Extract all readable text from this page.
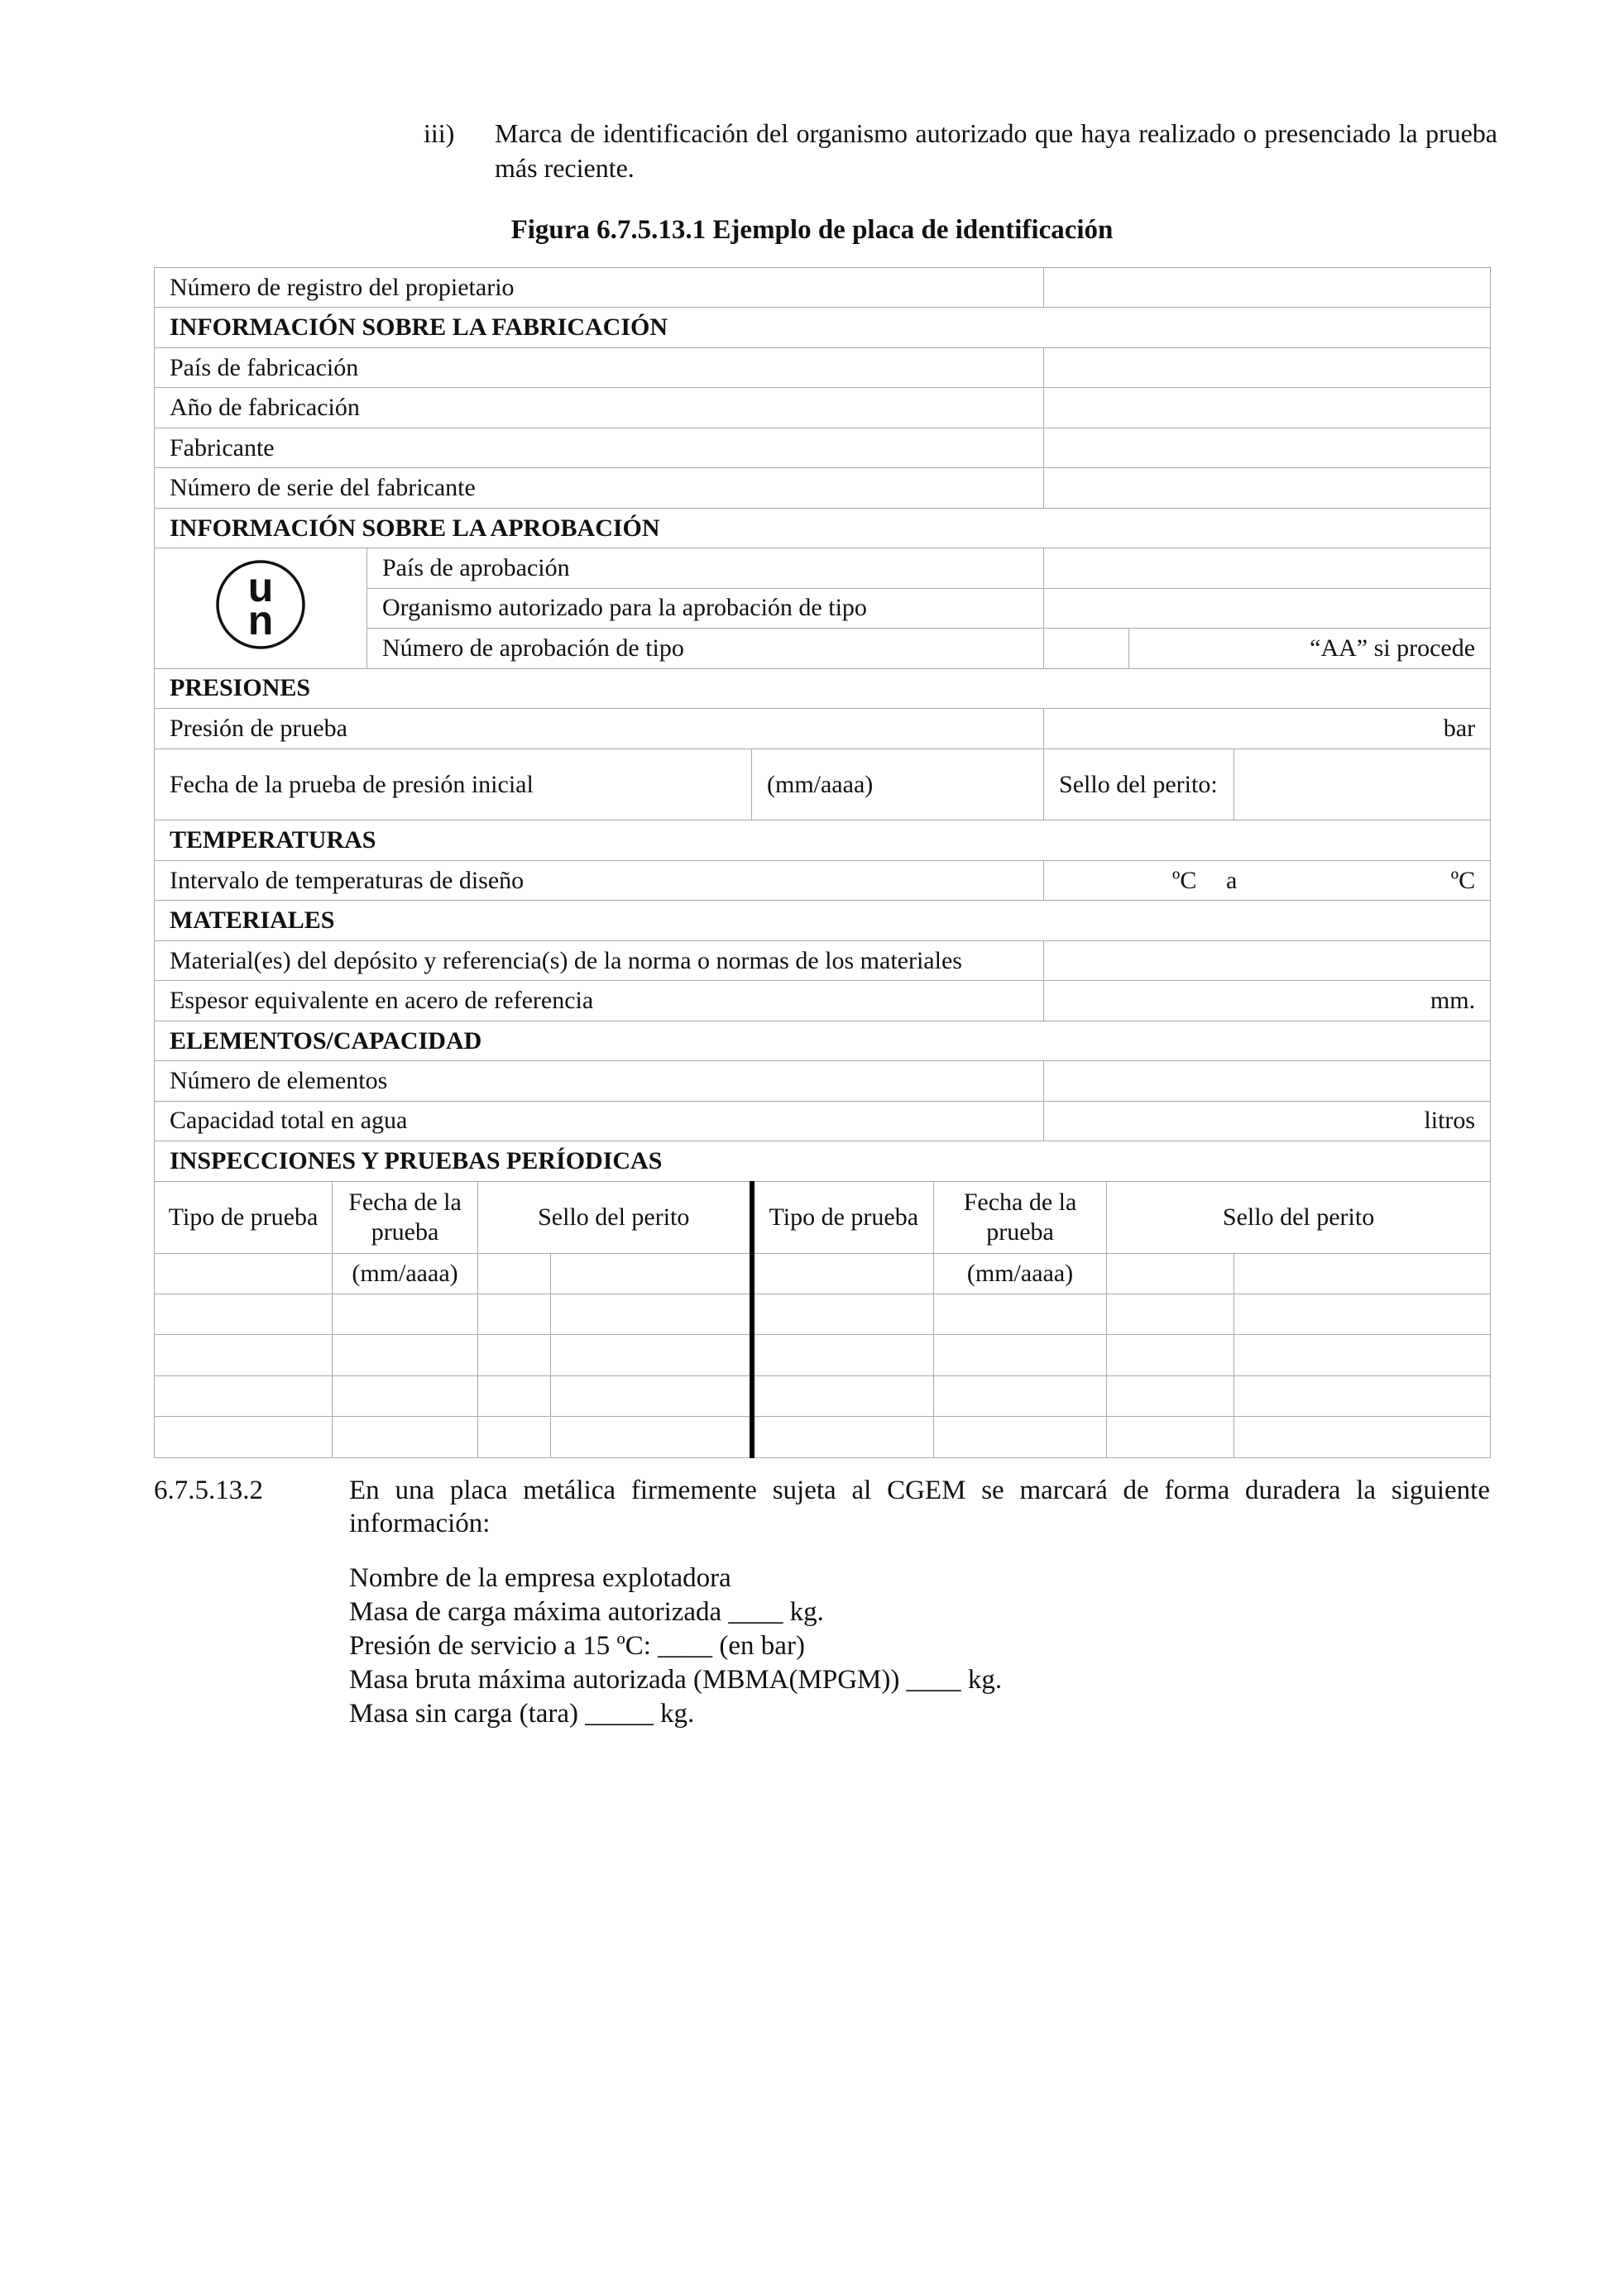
iii) Marca de identificación del organismo autorizado que haya realizado o presenciado la prueba más reciente.
Figura 6.7.5.13.1 Ejemplo de placa de identificación
Número de registro del propietario									
INFORMACIÓN SOBRE LA FABRICACIÓN									
País de fabricación									
Año de fabricación									
Fabricante									
Número de serie del fabricante									
INFORMACIÓN SOBRE LA APROBACIÓN									

u
n		País de aprobación							
		Organismo autorizado para la aprobación de tipo							
		Número de aprobación de tipo						“AA” si procede	
PRESIONES									
Presión de prueba						bar			
Fecha de la prueba de presión inicial				(mm/aaaa)		Sello del perito:			
TEMPERATURAS									
Intervalo de temperaturas de diseño						ºC a ºC			

MATERIALES									
Material(es) del depósito y referencia(s) de la norma o normas de los materiales									
Espesor equivalente en acero de referencia						mm.			
ELEMENTOS/CAPACIDAD									
Número de elementos									
Capacidad total en agua						litros			
INSPECCIONES Y PRUEBAS PERÍODICAS									
Tipo de prueba	Fecha de la prueba		Sello del perito	Tipo de prueba	Fecha de la prueba		Sello del perito		
	(mm/aaaa)				(mm/aaaa)				

6.7.5.13.2	En una placa metálica firmemente sujeta al CGEM se marcará de forma duradera la siguiente información:
Nombre de la empresa explotadora
Masa de carga máxima autorizada ____ kg.
Presión de servicio a 15 ºC: ____ (en bar)
Masa bruta máxima autorizada (MBMA(MPGM)) ____ kg.
Masa sin carga (tara) _____ kg.
